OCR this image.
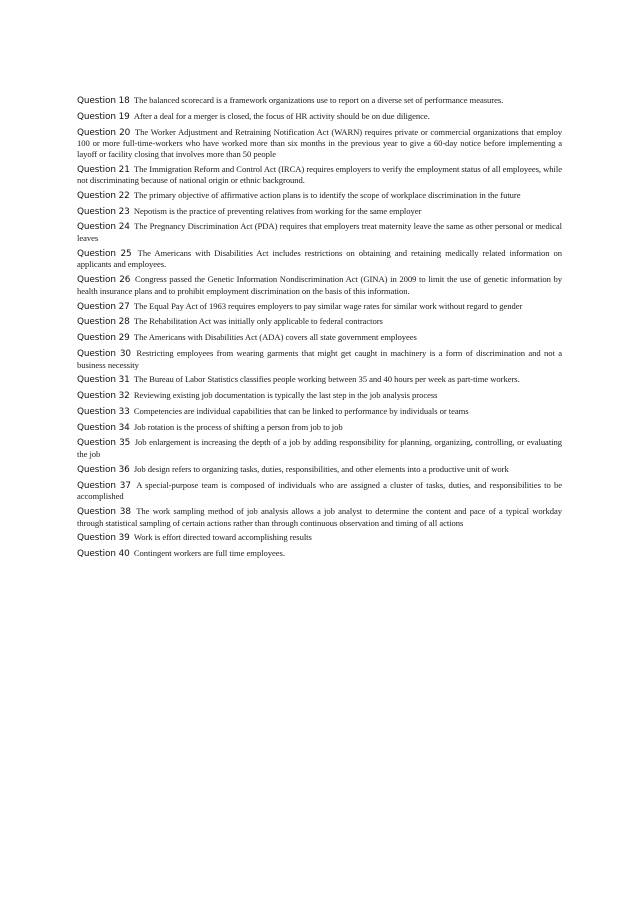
Question 18 The balanced scorecard is a framework organizations use to report on a diverse set of performance measures.

Question 19 After a deal for a merger is closed, the focus of HR activity should be on due diligence.

Question 20 The Worker Adjustment and Retraining Notification Act (WARN) requires private or commercial organizations that employ 100 or more full-time-workers who have worked more than six months in the previous year to give a 60-day notice before implementing a layoff or facility closing that involves more than 50 people

Question 21 The Immigration Reform and Control Act (IRCA) requires employers to verify the employment status of all employees, while not discriminating because of national origin or ethnic background.

Question 22 The primary objective of affirmative action plans is to identify the scope of workplace discrimination in the future

Question 23 Nepotism is the practice of preventing relatives from working for the same employer

Question 24 The Pregnancy Discrimination Act (PDA) requires that employers treat maternity leave the same as other personal or medical leaves

Question 25 The Americans with Disabilities Act includes restrictions on obtaining and retaining medically related information on applicants and employees.

Question 26 Congress passed the Genetic Information Nondiscrimination Act (GINA) in 2009 to limit the use of genetic information by health insurance plans and to prohibit employment discrimination on the basis of this information.

Question 27 The Equal Pay Act of 1963 requires employers to pay similar wage rates for similar work without regard to gender

Question 28 The Rehabilitation Act was initially only applicable to federal contractors

Question 29 The Americans with Disabilities Act (ADA) covers all state government employees

Question 30 Restricting employees from wearing garments that might get caught in machinery is a form of discrimination and not a business necessity

Question 31 The Bureau of Labor Statistics classifies people working between 35 and 40 hours per week as part-time workers.

Question 32 Reviewing existing job documentation is typically the last step in the job analysis process

Question 33 Competencies are individual capabilities that can be linked to performance by individuals or teams

Question 34 Job rotation is the process of shifting a person from job to job

Question 35 Job enlargement is increasing the depth of a job by adding responsibility for planning, organizing, controlling, or evaluating the job

Question 36 Job design refers to organizing tasks, duties, responsibilities, and other elements into a productive unit of work

Question 37 A special-purpose team is composed of individuals who are assigned a cluster of tasks, duties, and responsibilities to be accomplished

Question 38 The work sampling method of job analysis allows a job analyst to determine the content and pace of a typical workday through statistical sampling of certain actions rather than through continuous observation and timing of all actions

Question 39 Work is effort directed toward accomplishing results

Question 40 Contingent workers are full time employees.
